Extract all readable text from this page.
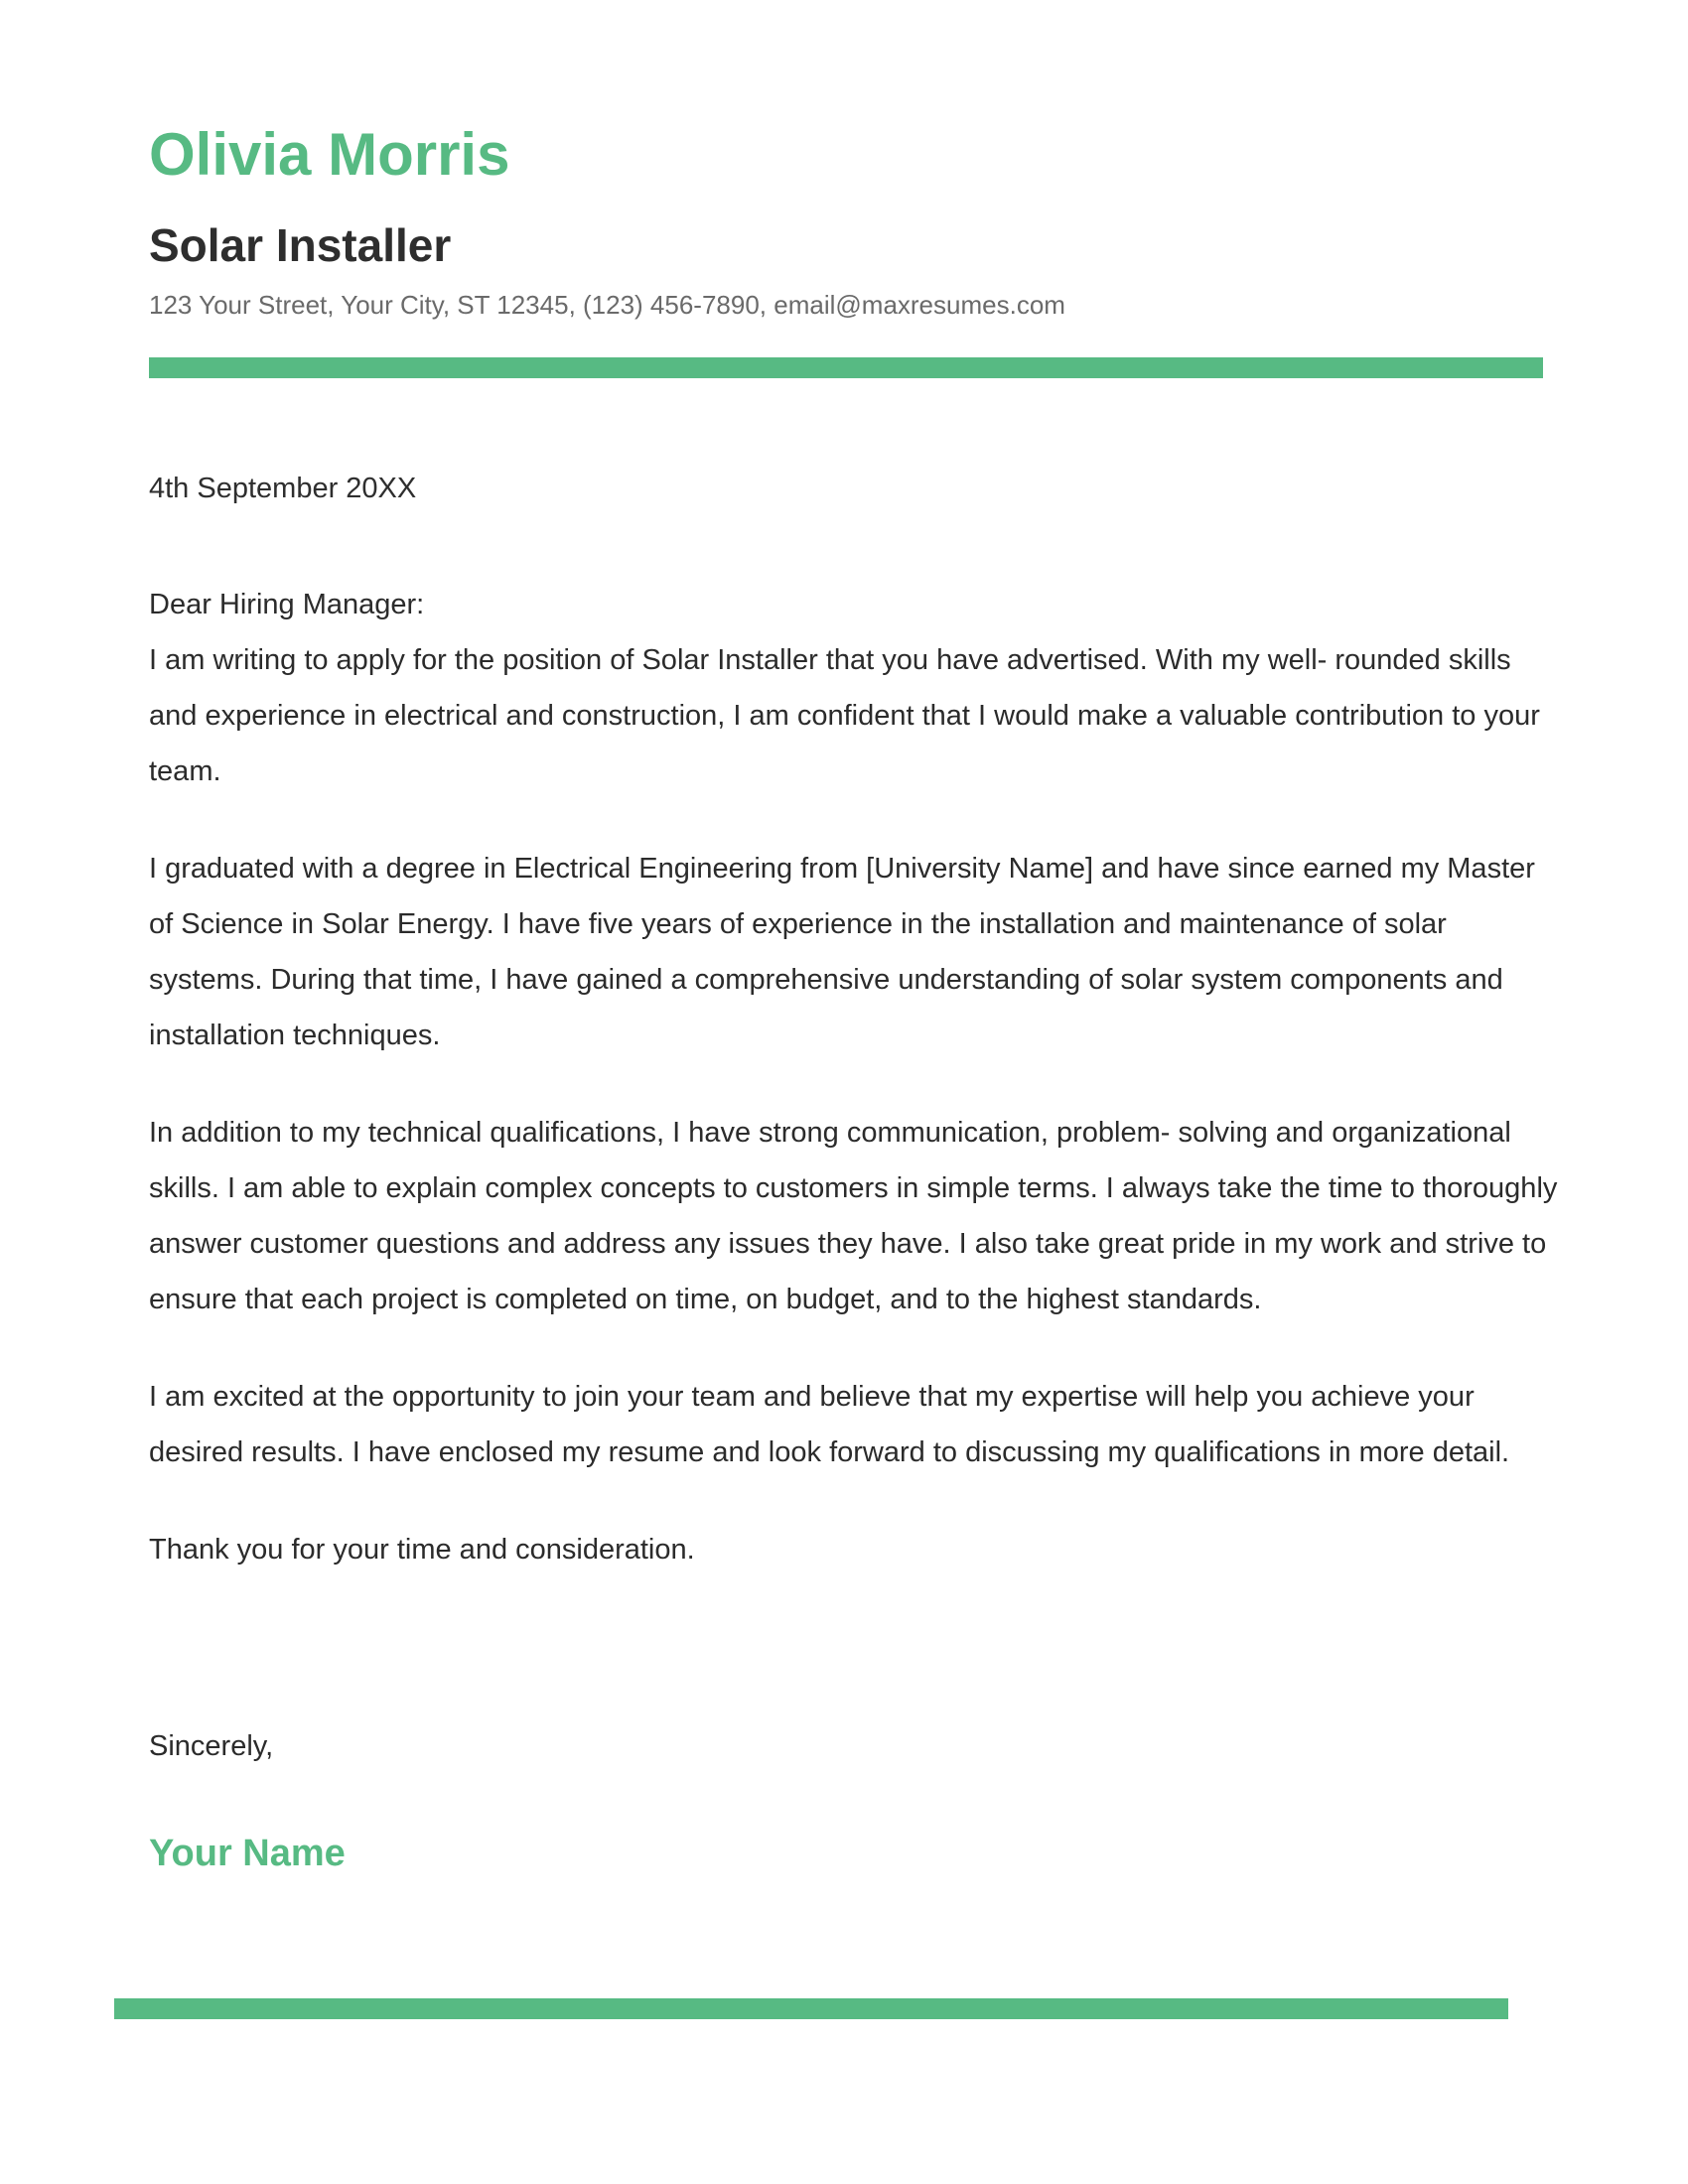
Olivia Morris
Solar Installer
123 Your Street, Your City, ST 12345, (123) 456-7890, email@maxresumes.com
4th September 20XX

Dear Hiring Manager:

I am writing to apply for the position of Solar Installer that you have advertised. With my well- rounded skills and experience in electrical and construction, I am confident that I would make a valuable contribution to your team.

I graduated with a degree in Electrical Engineering from [University Name] and have since earned my Master of Science in Solar Energy. I have five years of experience in the installation and maintenance of solar systems. During that time, I have gained a comprehensive understanding of solar system components and installation techniques.

In addition to my technical qualifications, I have strong communication, problem- solving and organizational skills. I am able to explain complex concepts to customers in simple terms. I always take the time to thoroughly answer customer questions and address any issues they have. I also take great pride in my work and strive to ensure that each project is completed on time, on budget, and to the highest standards.

I am excited at the opportunity to join your team and believe that my expertise will help you achieve your desired results. I have enclosed my resume and look forward to discussing my qualifications in more detail.

Thank you for your time and consideration.

Sincerely,
Your Name
